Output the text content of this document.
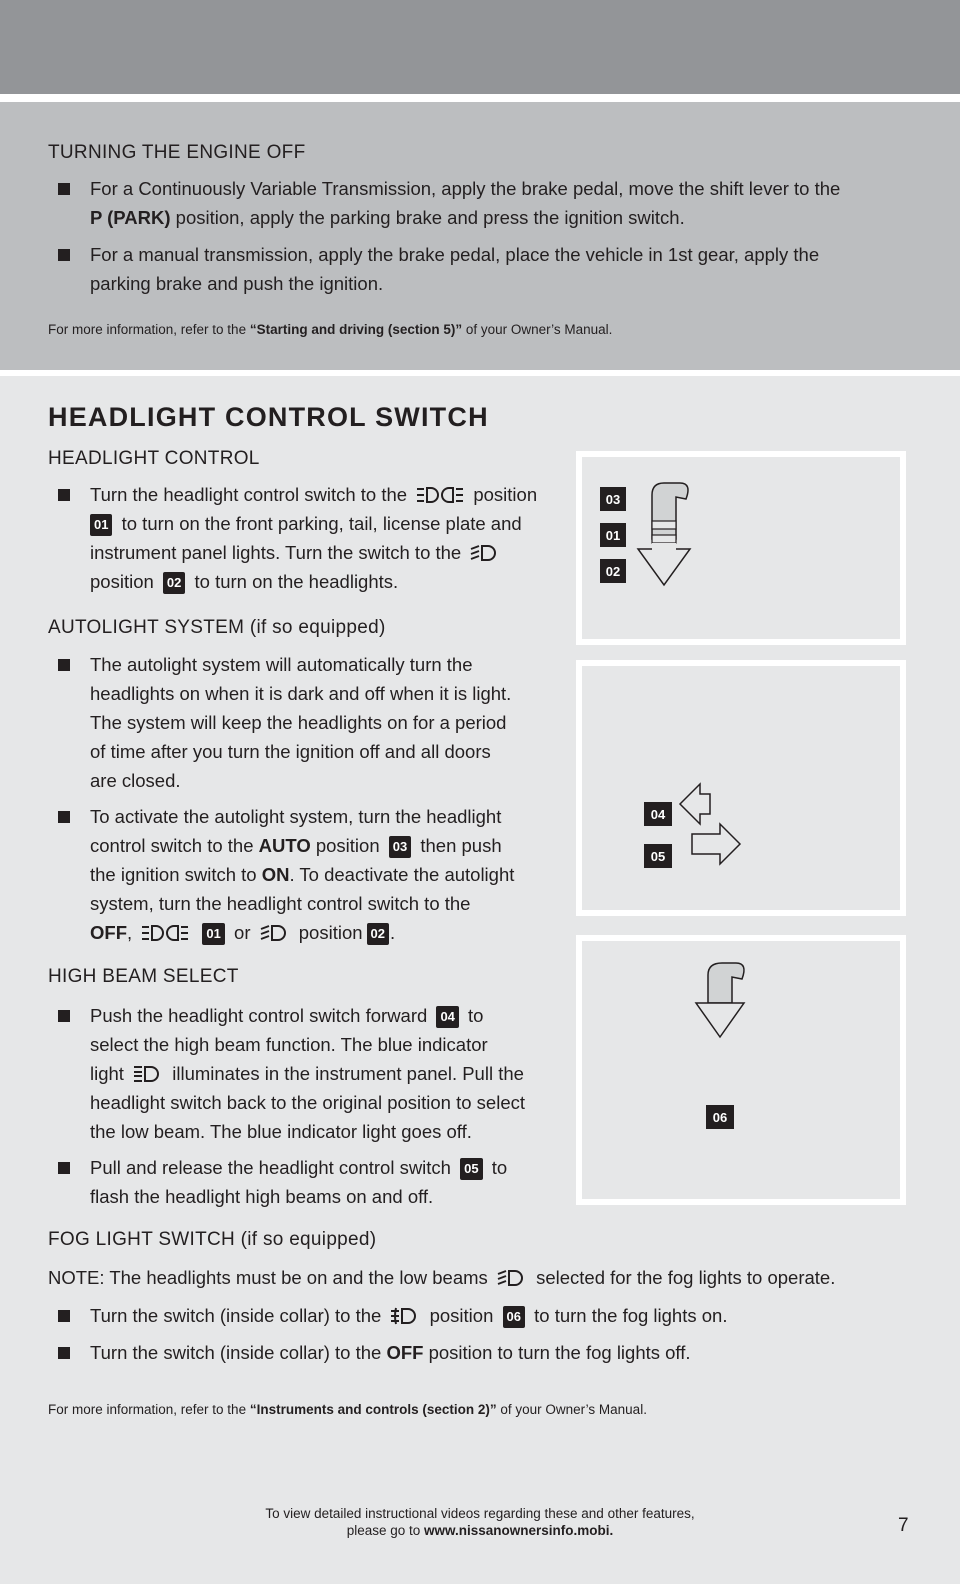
TURNING THE ENGINE OFF
For a Continuously Variable Transmission, apply the brake pedal, move the shift lever to the
P (PARK) position, apply the parking brake and press the ignition switch.
For a manual transmission, apply the brake pedal, place the vehicle in 1st gear, apply the
parking brake and push the ignition.
For more information, refer to the “Starting and driving (section 5)” of your Owner’s Manual.
HEADLIGHT CONTROL SWITCH
HEADLIGHT CONTROL
Turn the headlight control switch to the	position
01 to turn on the front parking, tail, license plate and
instrument panel lights. Turn the switch to the
position 02 to turn on the headlights.
AUTOLIGHT SYSTEM (if so equipped)
The autolight system will automatically turn the
headlights on when it is dark and off when it is light.
The system will keep the headlights on for a period
of time after you turn the ignition off and all doors
are closed.
To activate the autolight system, turn the headlight
control switch to the AUTO position 03 then push
the ignition switch to ON. To deactivate the autolight
system, turn the headlight control switch to the
OFF,	01 or	position 02 .
HIGH BEAM SELECT
Push the headlight control switch forward 04 to
select the high beam function. The blue indicator
light	illuminates in the instrument panel. Pull the
headlight switch back to the original position to select
the low beam. The blue indicator light goes off.
Pull and release the headlight control switch 05 to
flash the headlight high beams on and off.
FOG LIGHT SWITCH (if so equipped)
NOTE: The headlights must be on and the low beams	selected for the fog lights to operate.
Turn the switch (inside collar) to the	position 06 to turn the fog lights on.
Turn the switch (inside collar) to the OFF position to turn the fog lights off.
For more information, refer to the “Instruments and controls (section 2)” of your Owner’s Manual.
03
01
02
04
05
06
To view detailed instructional videos regarding these and other features,
please go to www.nissanownersinfo.mobi.	7
